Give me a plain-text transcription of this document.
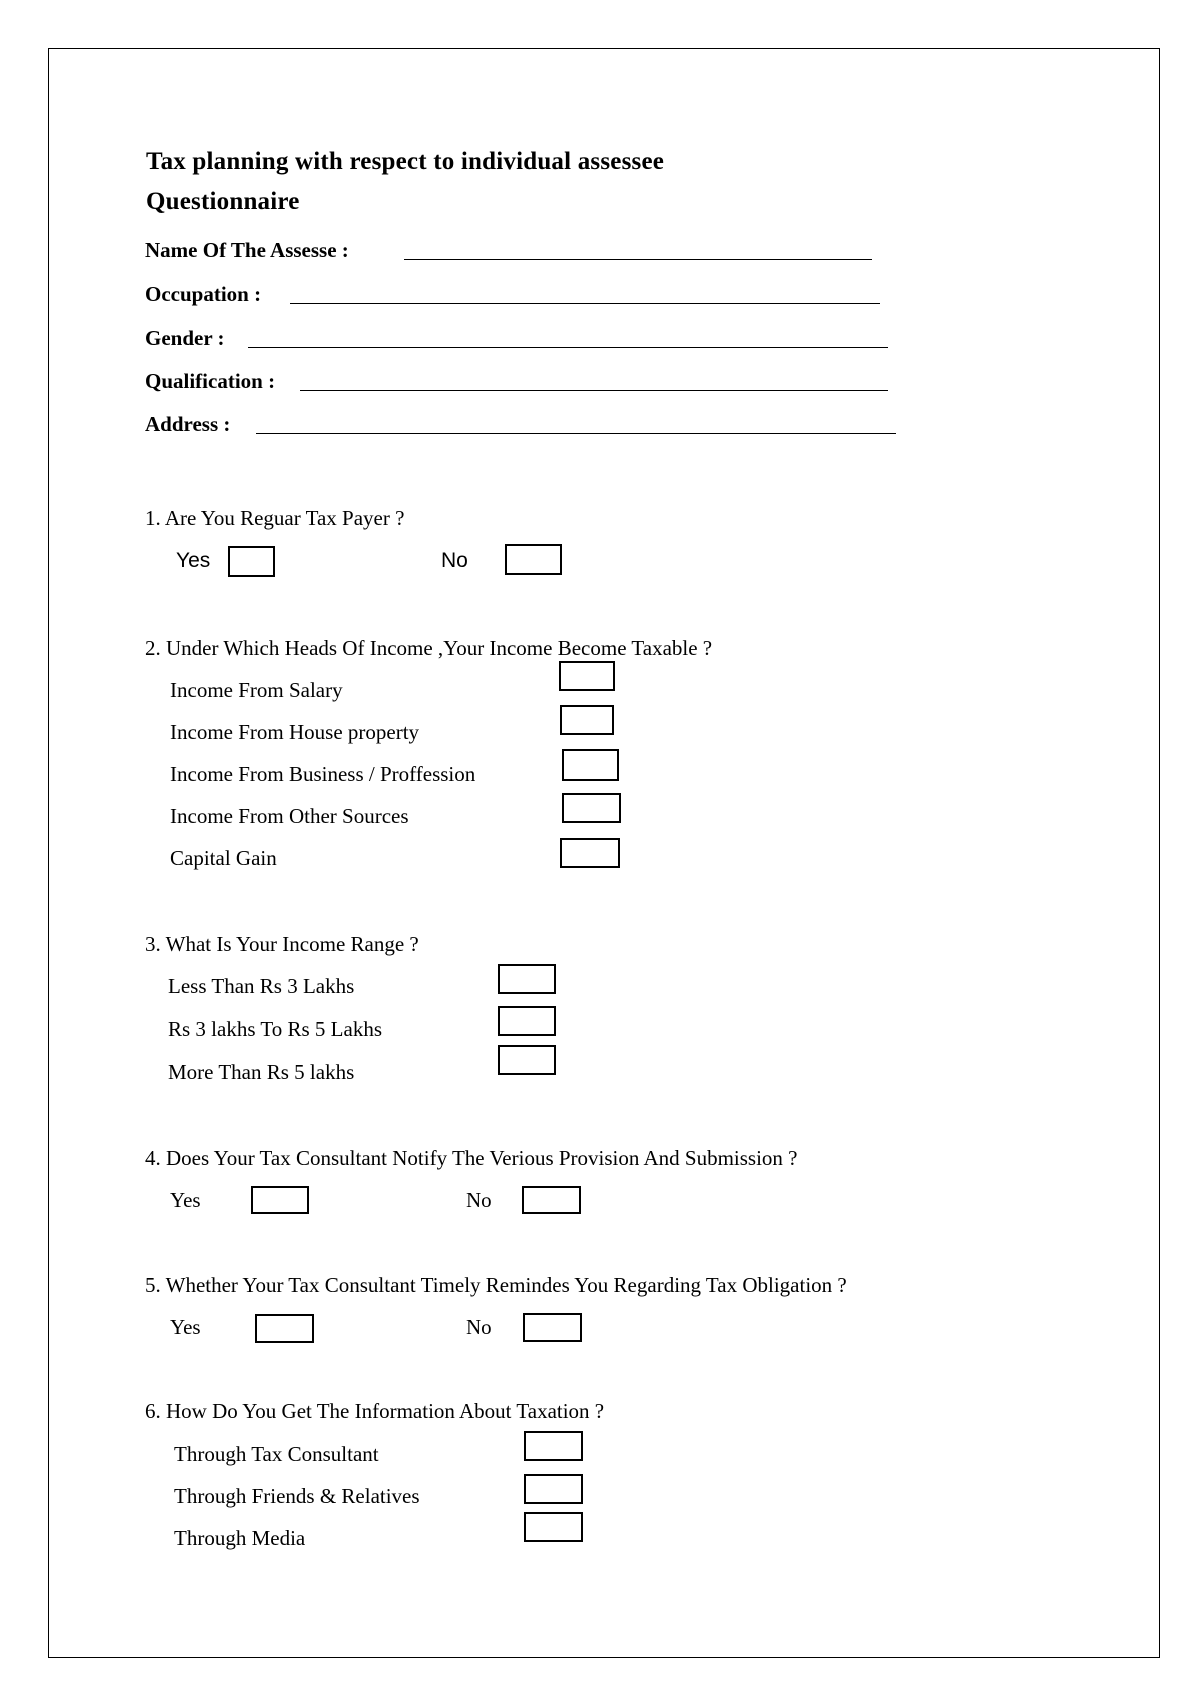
Tax planning with respect to individual assessee
Questionnaire
Name Of The Assesse :
Occupation :
Gender :
Qualification :
Address :
1. Are You Reguar Tax Payer ?
Yes	No
2. Under Which Heads Of Income ,Your Income Become Taxable ?
Income From Salary
Income From House property
Income From Business / Proffession
Income From Other Sources
Capital Gain
3. What Is Your Income Range ?
Less Than Rs 3 Lakhs
Rs 3 lakhs To Rs 5 Lakhs
More Than Rs 5 lakhs
4. Does Your Tax Consultant Notify The Verious Provision And Submission ?
Yes	No
5. Whether Your Tax Consultant Timely Remindes You Regarding Tax Obligation ?
Yes	No
6. How Do You Get The Information About Taxation ?
Through Tax Consultant
Through Friends & Relatives
Through Media
